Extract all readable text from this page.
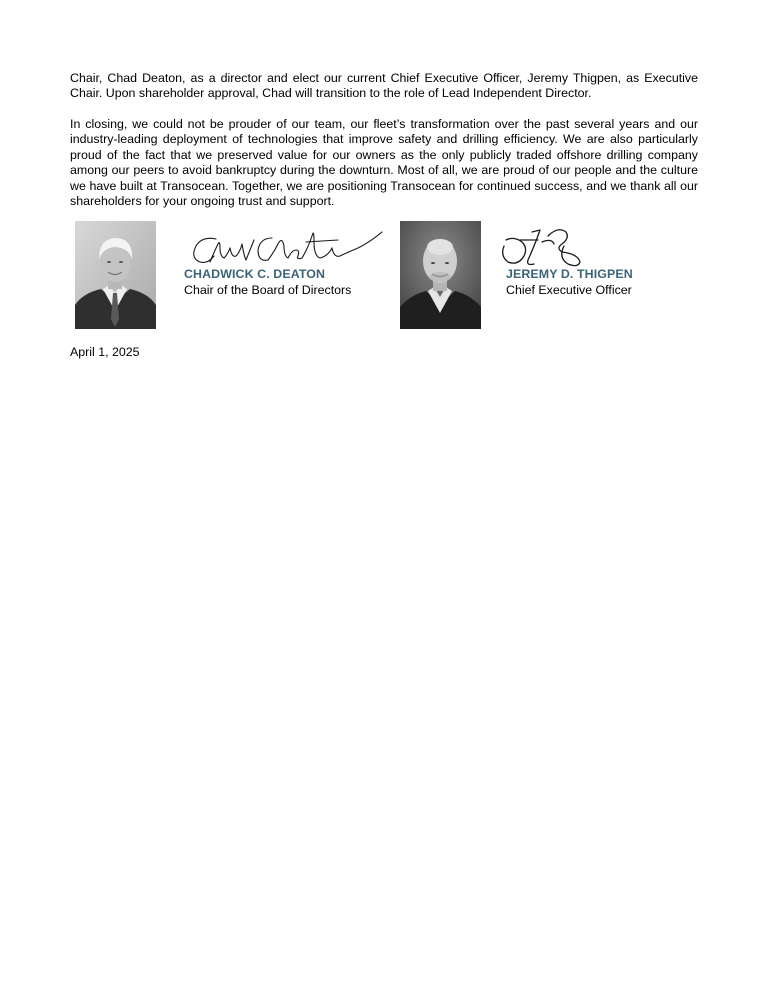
Chair, Chad Deaton, as a director and elect our current Chief Executive Officer, Jeremy Thigpen, as Executive Chair. Upon shareholder approval, Chad will transition to the role of Lead Independent Director.

In closing, we could not be prouder of our team, our fleet’s transformation over the past several years and our industry-leading deployment of technologies that improve safety and drilling efficiency. We are also particularly proud of the fact that we preserved value for our owners as the only publicly traded offshore drilling company among our peers to avoid bankruptcy during the downturn. Most of all, we are proud of our people and the culture we have built at Transocean. Together, we are positioning Transocean for continued success, and we thank all our shareholders for your ongoing trust and support.

CHADWICK C. DEATON
Chair of the Board of Directors
JEREMY D. THIGPEN
Chief Executive Officer
April 1, 2025
